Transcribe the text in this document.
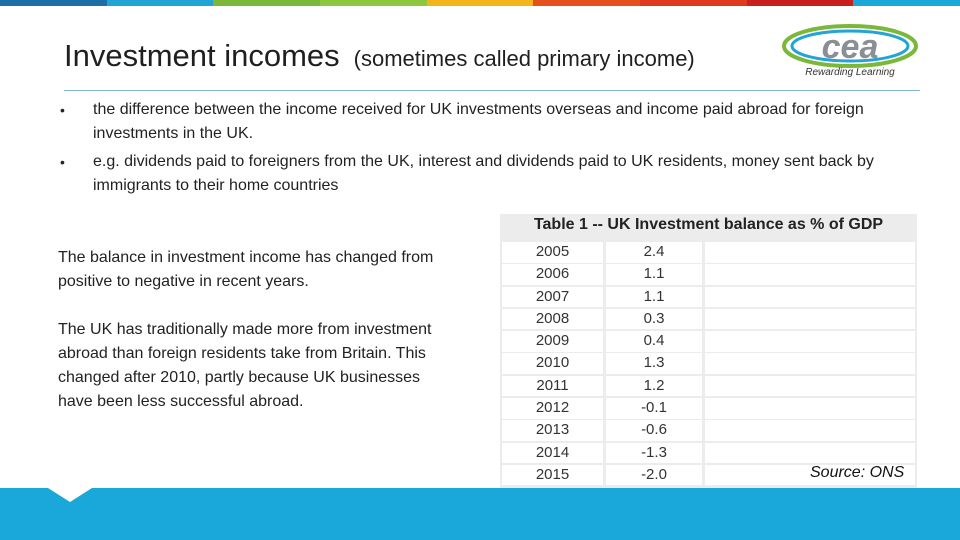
Investment incomes (sometimes called primary income)	cea
Rewarding Learning
• the difference between the income received for UK investments overseas and income paid abroad for foreign investments in the UK.
• e.g. dividends paid to foreigners from the UK, interest and dividends paid to UK residents, money sent back by immigrants to their home countries

The balance in investment income has changed from positive to negative in recent years.

The UK has traditionally made more from investment abroad than foreign residents take from Britain. This changed after 2010, partly because UK businesses have been less successful abroad.

Table 1 -- UK Investment balance as % of GDP
2005	2.4
2006	1.1
2007	1.1
2008	0.3
2009	0.4
2010	1.3
2011	1.2
2012	-0.1
2013	-0.6
2014	-1.3
2015	-2.0	Source: ONS
